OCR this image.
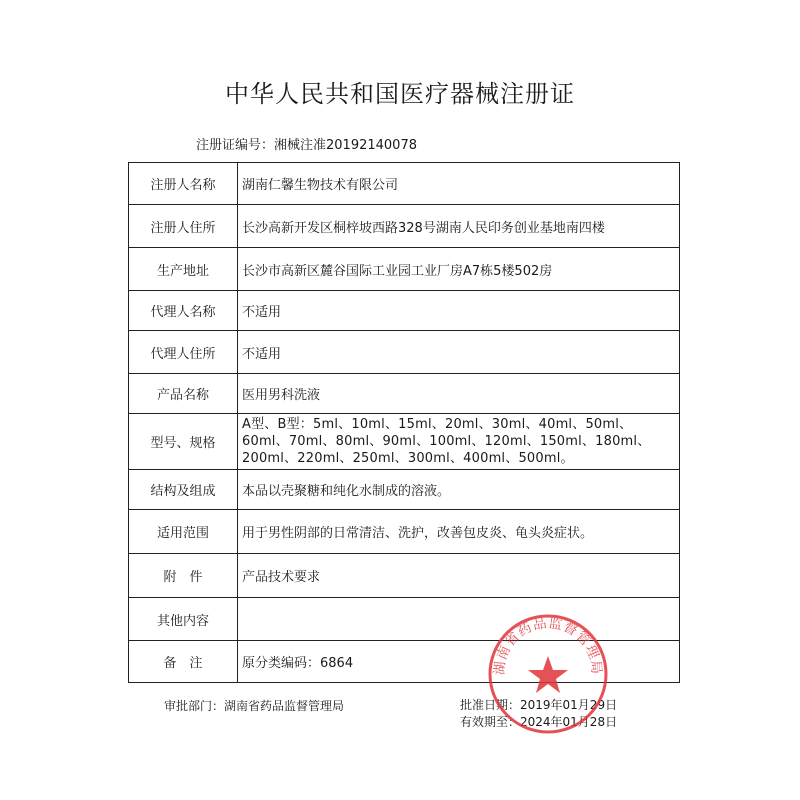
中华人民共和国医疗器械注册证
注册证编号：湘械注准20192140078
注册人名称	湖南仁馨生物技术有限公司
注册人住所	长沙高新开发区桐梓坡西路328号湖南人民印务创业基地南四楼
生产地址	长沙市高新区麓谷国际工业园工业厂房A7栋5楼502房
代理人名称	不适用
代理人住所	不适用
产品名称	医用男科洗液
型号、规格	A型、B型：5ml、10ml、15ml、20ml、30ml、40ml、50ml、60ml、70ml、80ml、90ml、100ml、120ml、150ml、180ml、200ml、220ml、250ml、300ml、400ml、500ml。
结构及组成	本品以壳聚糖和纯化水制成的溶液。
适用范围	用于男性阴部的日常清洁、洗护，改善包皮炎、龟头炎症状。
附　件	产品技术要求
其他内容	
备　注	原分类编码：6864
审批部门：湖南省药品监督管理局	批准日期：2019年01月29日
有效期至：2024年01月28日
湖南省药品监督管理局
